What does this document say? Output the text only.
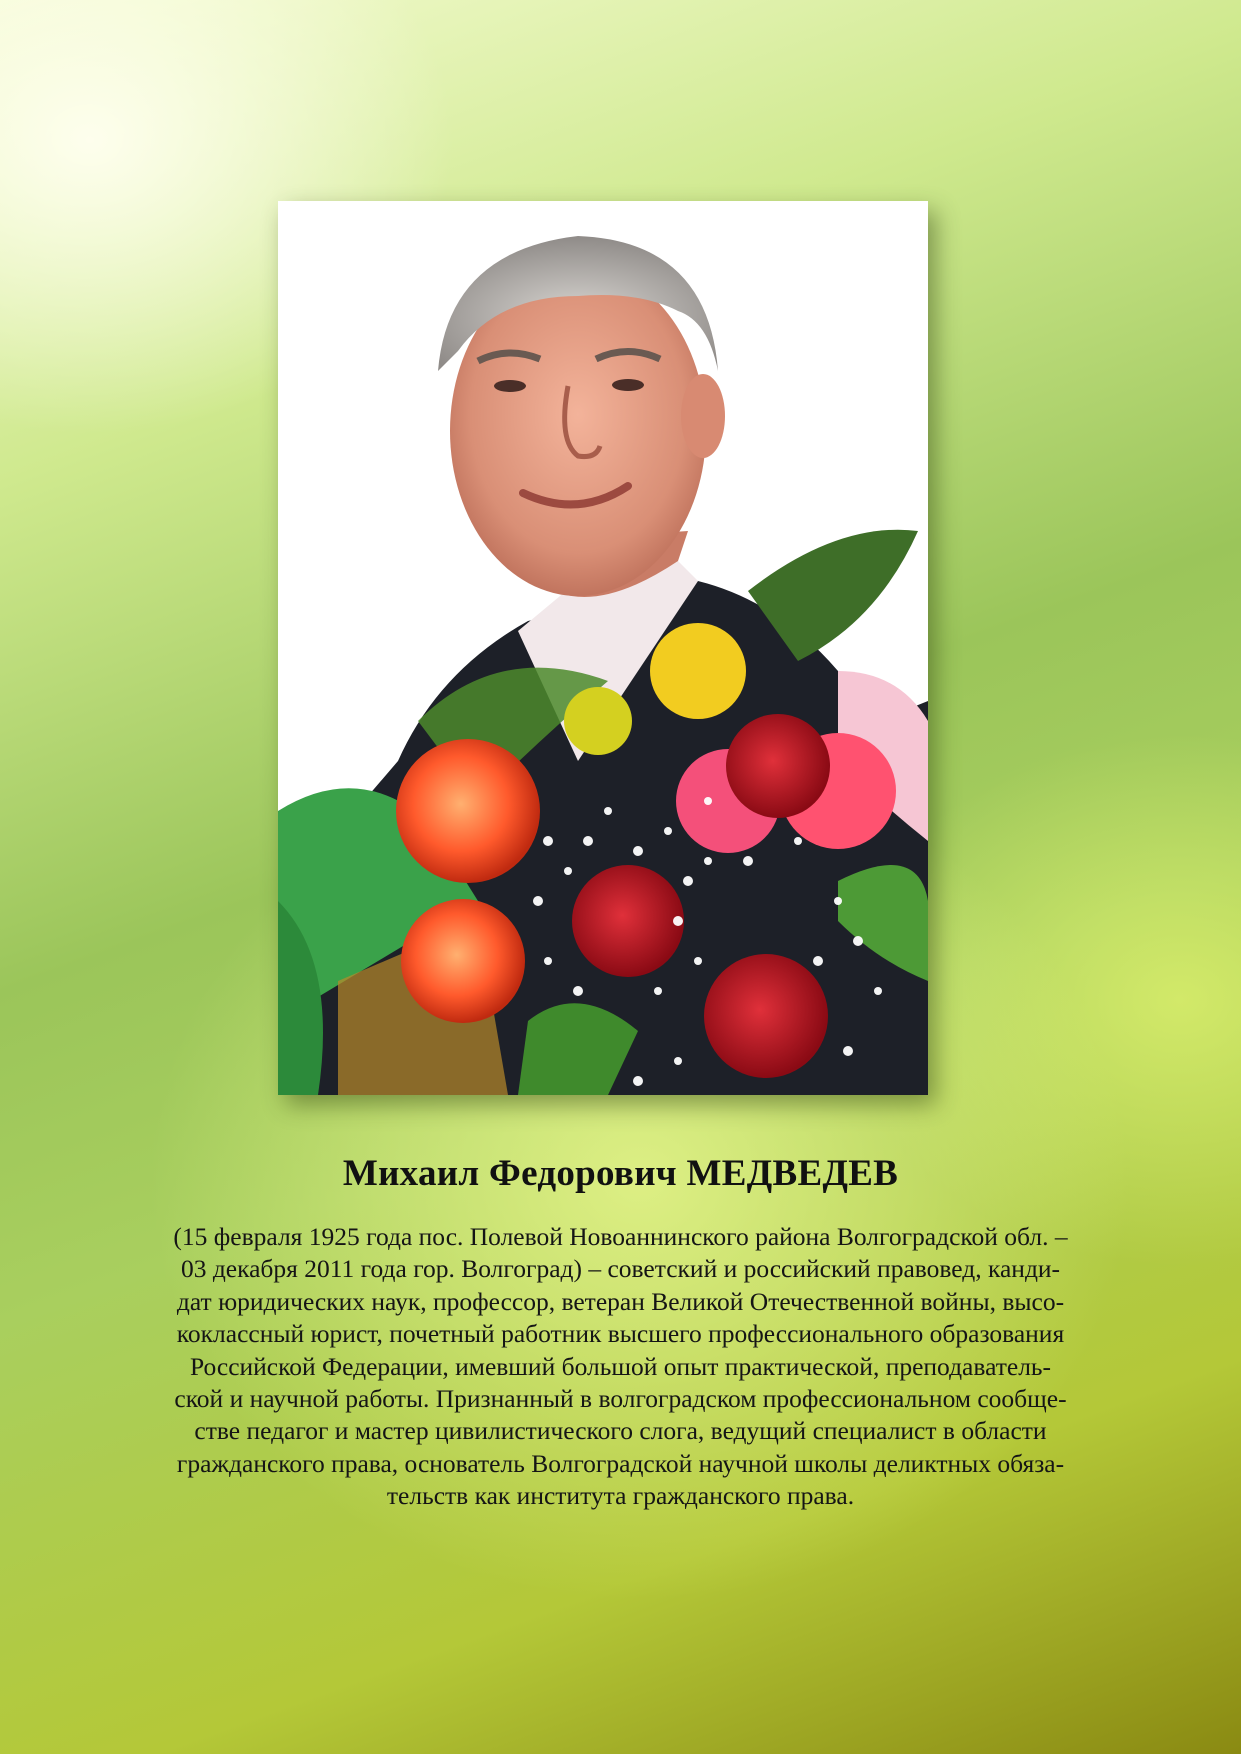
Михаил Федорович МЕДВЕДЕВ

(15 февраля 1925 года пос. Полевой Новоаннинского района Волгоградской обл. –
03 декабря 2011 года гор. Волгоград) – советский и российский правовед, канди-
дат юридических наук, профессор, ветеран Великой Отечественной войны, высо-
коклассный юрист, почетный работник высшего профессионального образования
Российской Федерации, имевший большой опыт практической, преподаватель-
ской и научной работы. Признанный в волгоградском профессиональном сообще-
стве педагог и мастер цивилистического слога, ведущий специалист в области
гражданского права, основатель Волгоградской научной школы деликтных обяза-
тельств как института гражданского права.
